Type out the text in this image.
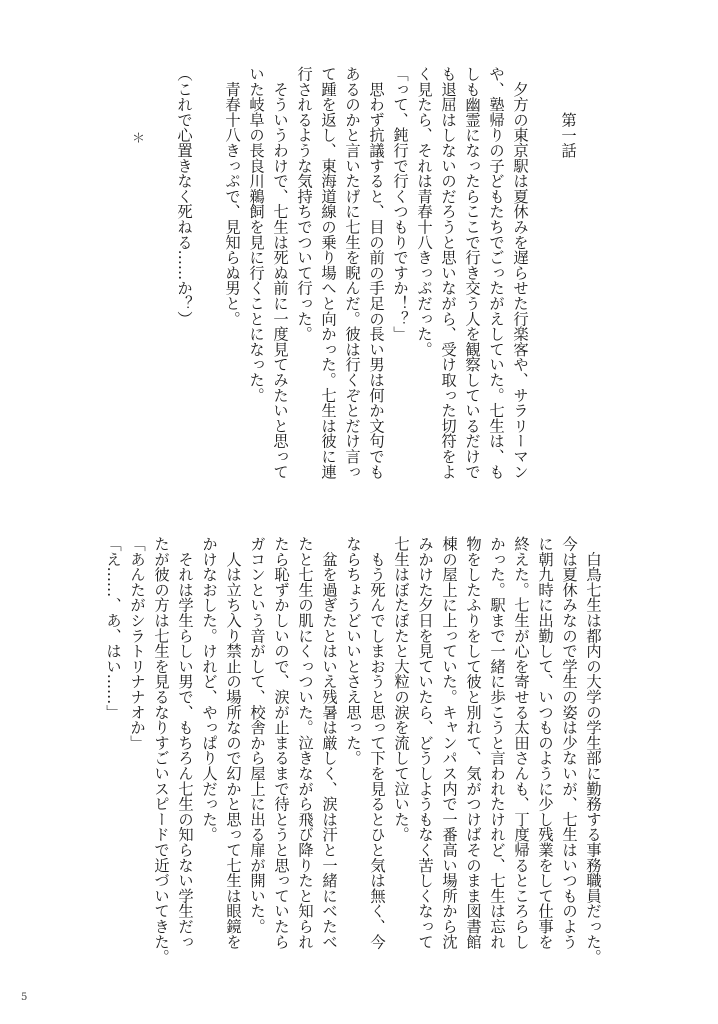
第一話
　夕方の東京駅は夏休みを遅らせた行楽客や、サラリーマン
や、塾帰りの子どもたちでごったがえしていた。七生は、も
しも幽霊になったらここで行き交う人を観察しているだけで
も退屈はしないのだろうと思いながら、受け取った切符をよ
く見たら、それは青春十八きっぷだった。
「って、鈍行で行くつもりですか！？」
　思わず抗議すると、目の前の手足の長い男は何か文句でも
あるのかと言いたげに七生を睨んだ。彼は行くぞとだけ言っ
て踵を返し、東海道線の乗り場へと向かった。七生は彼に連
行されるような気持ちでついて行った。
　そういうわけで、七生は死ぬ前に一度見てみたいと思って
いた岐阜の長良川鵜飼を見に行くことになった。
　青春十八きっぷで、見知らぬ男と。
（これで心置きなく死ねる……か？）
＊
　白鳥七生は都内の大学の学生部に勤務する事務職員だった。
今は夏休みなので学生の姿は少ないが、七生はいつものよう
に朝九時に出勤して、いつものように少し残業をして仕事を
終えた。七生が心を寄せる太田さんも、丁度帰るところらし
かった。駅まで一緒に歩こうと言われたけれど、七生は忘れ
物をしたふりをして彼と別れて、気がつけばそのまま図書館
棟の屋上に上っていた。キャンパス内で一番高い場所から沈
みかけた夕日を見ていたら、どうしようもなく苦しくなって
七生はぼたぼたと大粒の涙を流して泣いた。
　もう死んでしまおうと思って下を見るとひと気は無く、今
ならちょうどいいとさえ思った。
　盆を過ぎたとはいえ残暑は厳しく、涙は汗と一緒にべたべ
たと七生の肌にくっついた。泣きながら飛び降りたと知られ
たら恥ずかしいので、涙が止まるまで待とうと思っていたら
ガコンという音がして、校舎から屋上に出る扉が開いた。
　人は立ち入り禁止の場所なので幻かと思って七生は眼鏡を
かけなおした。けれど、やっぱり人だった。
　それは学生らしい男で、もちろん七生の知らない学生だっ
たが彼の方は七生を見るなりすごいスピードで近づいてきた。
「あんたがシラトリナナオか」
「え……、あ、はい……」
5
